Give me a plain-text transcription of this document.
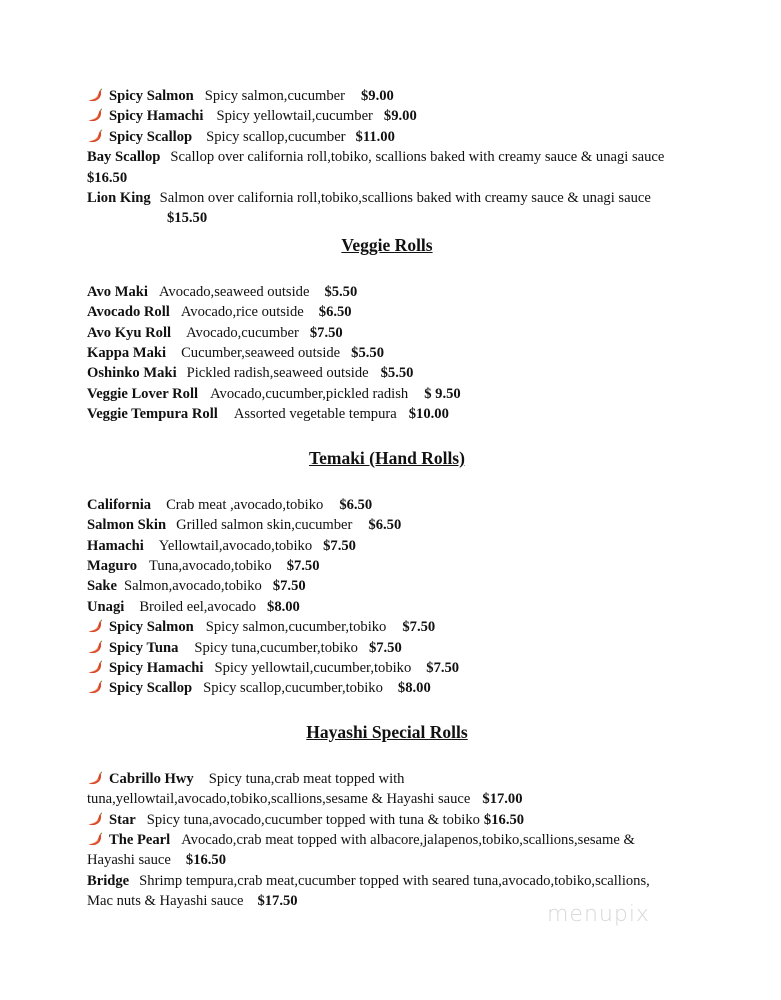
Spicy Salmon Spicy salmon,cucumber $9.00
Spicy Hamachi Spicy yellowtail,cucumber $9.00
Spicy Scallop Spicy scallop,cucumber $11.00
Bay Scallop Scallop over california roll,tobiko, scallions baked with creamy sauce & unagi sauce$16.50
Lion King Salmon over california roll,tobiko,scallions baked with creamy sauce & unagi sauce$15.50
Veggie Rolls
Avo Maki Avocado,seaweed outside $5.50
Avocado Roll Avocado,rice outside $6.50
Avo Kyu Roll Avocado,cucumber $7.50
Kappa Maki Cucumber,seaweed outside $5.50
Oshinko Maki Pickled radish,seaweed outside $5.50
Veggie Lover Roll Avocado,cucumber,pickled radish $ 9.50
Veggie Tempura Roll Assorted vegetable tempura $10.00
Temaki (Hand Rolls)
California Crab meat ,avocado,tobiko $6.50
Salmon Skin Grilled salmon skin,cucumber $6.50
Hamachi Yellowtail,avocado,tobiko $7.50
Maguro Tuna,avocado,tobiko $7.50
Sake Salmon,avocado,tobiko $7.50
Unagi Broiled eel,avocado $8.00
Spicy Salmon Spicy salmon,cucumber,tobiko $7.50
Spicy Tuna Spicy tuna,cucumber,tobiko $7.50
Spicy Hamachi Spicy yellowtail,cucumber,tobiko $7.50
Spicy Scallop Spicy scallop,cucumber,tobiko $8.00
Hayashi Special Rolls
Cabrillo Hwy Spicy tuna,crab meat topped with
tuna,yellowtail,avocado,tobiko,scallions,sesame & Hayashi sauce $17.00
Star Spicy tuna,avocado,cucumber topped with tuna & tobiko $16.50
The Pearl Avocado,crab meat topped with albacore,jalapenos,tobiko,scallions,sesame &
Hayashi sauce $16.50
Bridge Shrimp tempura,crab meat,cucumber topped with seared tuna,avocado,tobiko,scallions,
Mac nuts & Hayashi sauce $17.50
menupix
